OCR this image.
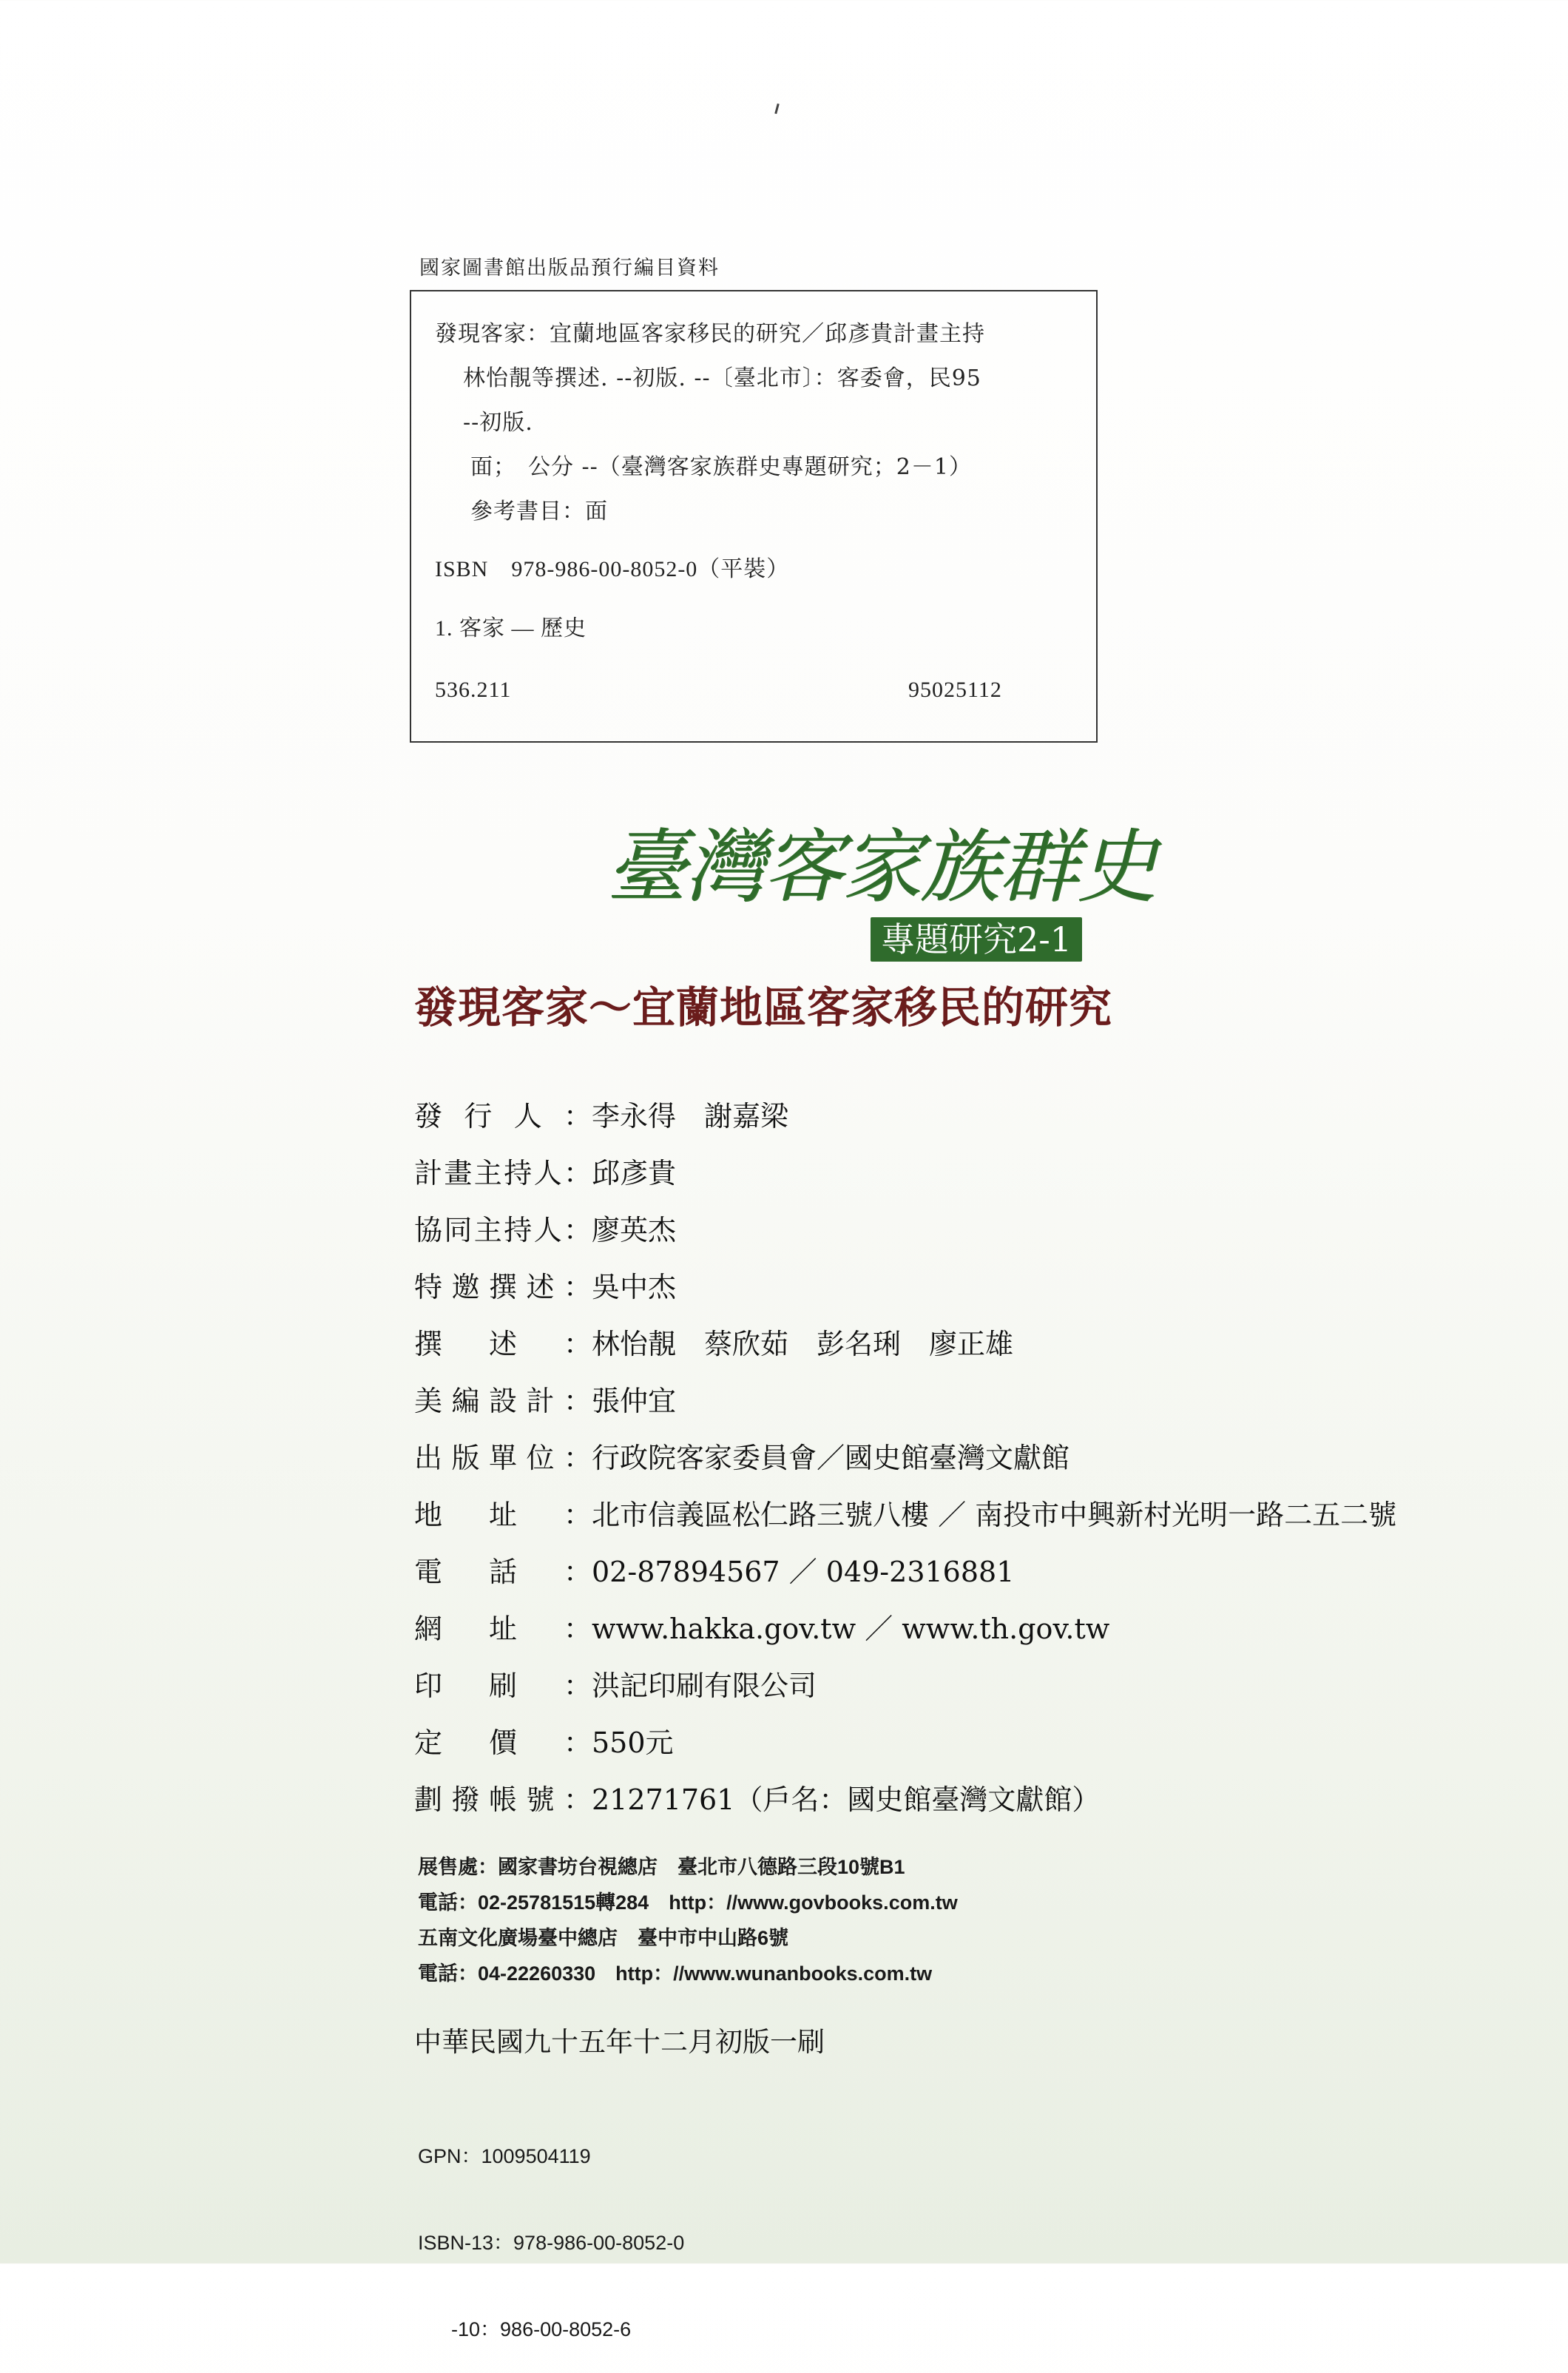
國家圖書館出版品預行編目資料
發現客家：宜蘭地區客家移民的研究／邱彥貴計畫主持
林怡靚等撰述. --初版. --〔臺北市〕：客委會，民95
--初版.
面；　公分 --（臺灣客家族群史專題研究；2－1）
參考書目：面
ISBN　978-986-00-8052-0（平裝）
1. 客家 — 歷史
536.211	95025112
臺灣客家族群史
專題研究2-1
發現客家～宜蘭地區客家移民的研究
發行人：李永得　謝嘉梁
計畫主持人：邱彥貴
協同主持人：廖英杰
特邀撰述：吳中杰
撰述：林怡靚　蔡欣茹　彭名琍　廖正雄
美編設計：張仲宜
出版單位：行政院客家委員會／國史館臺灣文獻館
地址：北市信義區松仁路三號八樓 ／ 南投市中興新村光明一路二五二號
電話：02-87894567 ／ 049-2316881
網址：www.hakka.gov.tw ／ www.th.gov.tw
印刷：洪記印刷有限公司
定價：550元
劃撥帳號：21271761（戶名：國史館臺灣文獻館）
展售處：國家書坊台視總店　臺北市八德路三段10號B1
電話：02-25781515轉284　http：//www.govbooks.com.tw
五南文化廣場臺中總店　臺中市中山路6號
電話：04-22260330　http：//www.wunanbooks.com.tw
中華民國九十五年十二月初版一刷

GPN：1009504119

ISBN-13：978-986-00-8052-0

-10：986-00-8052-6
